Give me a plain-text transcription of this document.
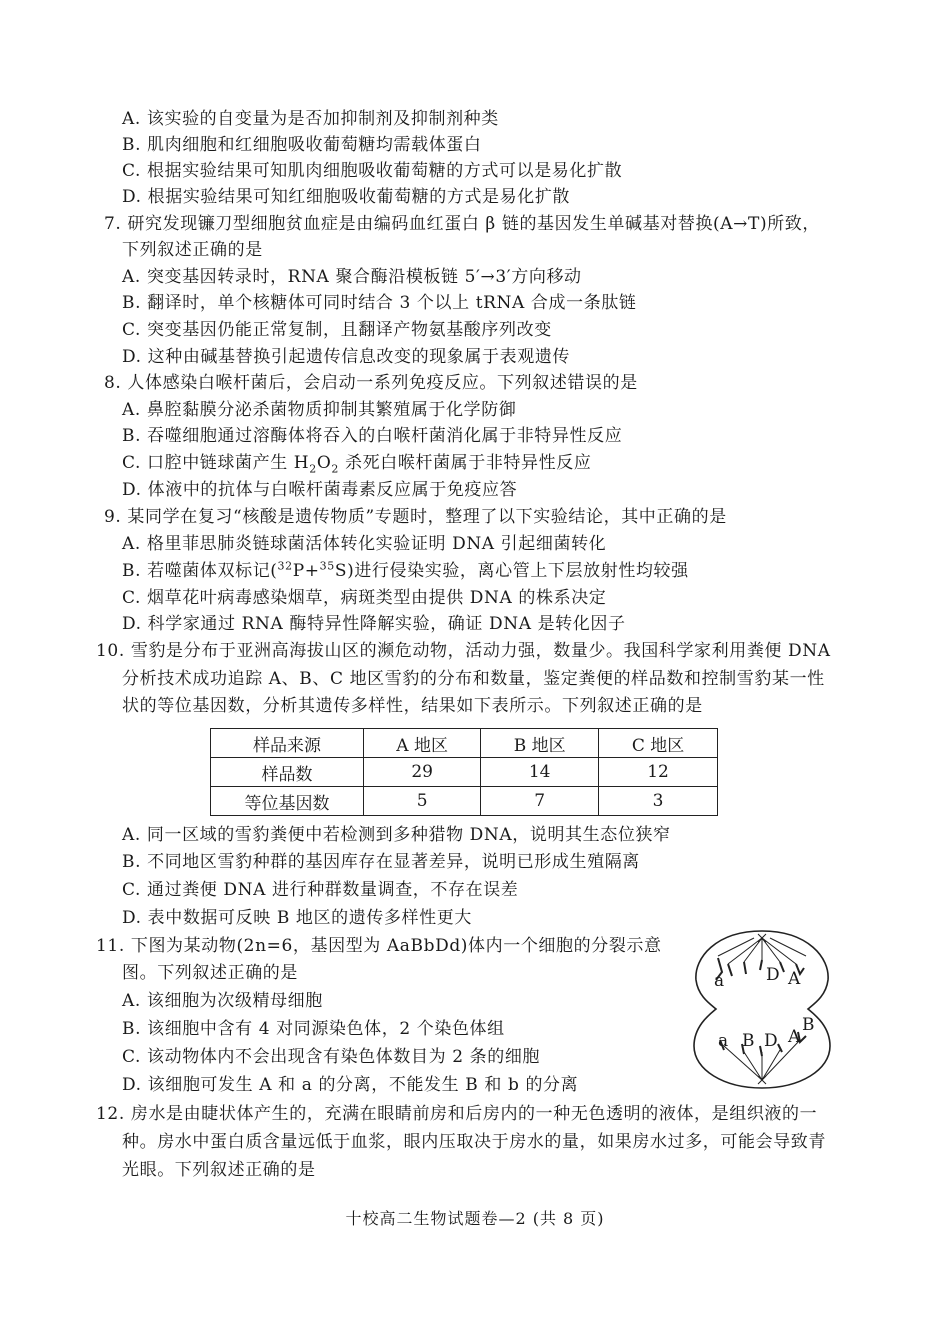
A. 该实验的自变量为是否加抑制剂及抑制剂种类
B. 肌肉细胞和红细胞吸收葡萄糖均需载体蛋白
C. 根据实验结果可知肌肉细胞吸收葡萄糖的方式可以是易化扩散
D. 根据实验结果可知红细胞吸收葡萄糖的方式是易化扩散
7. 研究发现镰刀型细胞贫血症是由编码血红蛋白 β 链的基因发生单碱基对替换(A→T)所致，
下列叙述正确的是
A. 突变基因转录时，RNA 聚合酶沿模板链 5′→3′方向移动
B. 翻译时，单个核糖体可同时结合 3 个以上 tRNA 合成一条肽链
C. 突变基因仍能正常复制，且翻译产物氨基酸序列改变
D. 这种由碱基替换引起遗传信息改变的现象属于表观遗传
8. 人体感染白喉杆菌后，会启动一系列免疫反应。下列叙述错误的是
A. 鼻腔黏膜分泌杀菌物质抑制其繁殖属于化学防御
B. 吞噬细胞通过溶酶体将吞入的白喉杆菌消化属于非特异性反应
C. 口腔中链球菌产生 $H_2O_2$ 杀死白喉杆菌属于非特异性反应
D. 体液中的抗体与白喉杆菌毒素反应属于免疫应答
9. 某同学在复习“核酸是遗传物质”专题时，整理了以下实验结论，其中正确的是
A. 格里菲思肺炎链球菌活体转化实验证明 DNA 引起细菌转化
B. 若噬菌体双标记($^{32}$P+$^{35}$S)进行侵染实验，离心管上下层放射性均较强
C. 烟草花叶病毒感染烟草，病斑类型由提供 DNA 的株系决定
D. 科学家通过 RNA 酶特异性降解实验，确证 DNA 是转化因子
10. 雪豹是分布于亚洲高海拔山区的濒危动物，活动力强，数量少。我国科学家利用粪便 DNA
分析技术成功追踪 A、B、C 地区雪豹的分布和数量，鉴定粪便的样品数和控制雪豹某一性
状的等位基因数，分析其遗传多样性，结果如下表所示。下列叙述正确的是
样品来源	A 地区	B 地区	C 地区
样品数	29	14	12
等位基因数	5	7	3
A. 同一区域的雪豹粪便中若检测到多种猎物 DNA，说明其生态位狭窄
B. 不同地区雪豹种群的基因库存在显著差异，说明已形成生殖隔离
C. 通过粪便 DNA 进行种群数量调查，不存在误差
D. 表中数据可反映 B 地区的遗传多样性更大
11. 下图为某动物(2n=6，基因型为 AaBbDd)体内一个细胞的分裂示意
图。下列叙述正确的是
A. 该细胞为次级精母细胞
B. 该细胞中含有 4 对同源染色体，2 个染色体组
C. 该动物体内不会出现含有染色体数目为 2 条的细胞
D. 该细胞可发生 A 和 a 的分离，不能发生 B 和 b 的分离
a D A
a B D A
B
12. 房水是由睫状体产生的，充满在眼睛前房和后房内的一种无色透明的液体，是组织液的一
种。房水中蛋白质含量远低于血浆，眼内压取决于房水的量，如果房水过多，可能会导致青
光眼。下列叙述正确的是
十校高二生物试题卷—2 (共 8 页)
